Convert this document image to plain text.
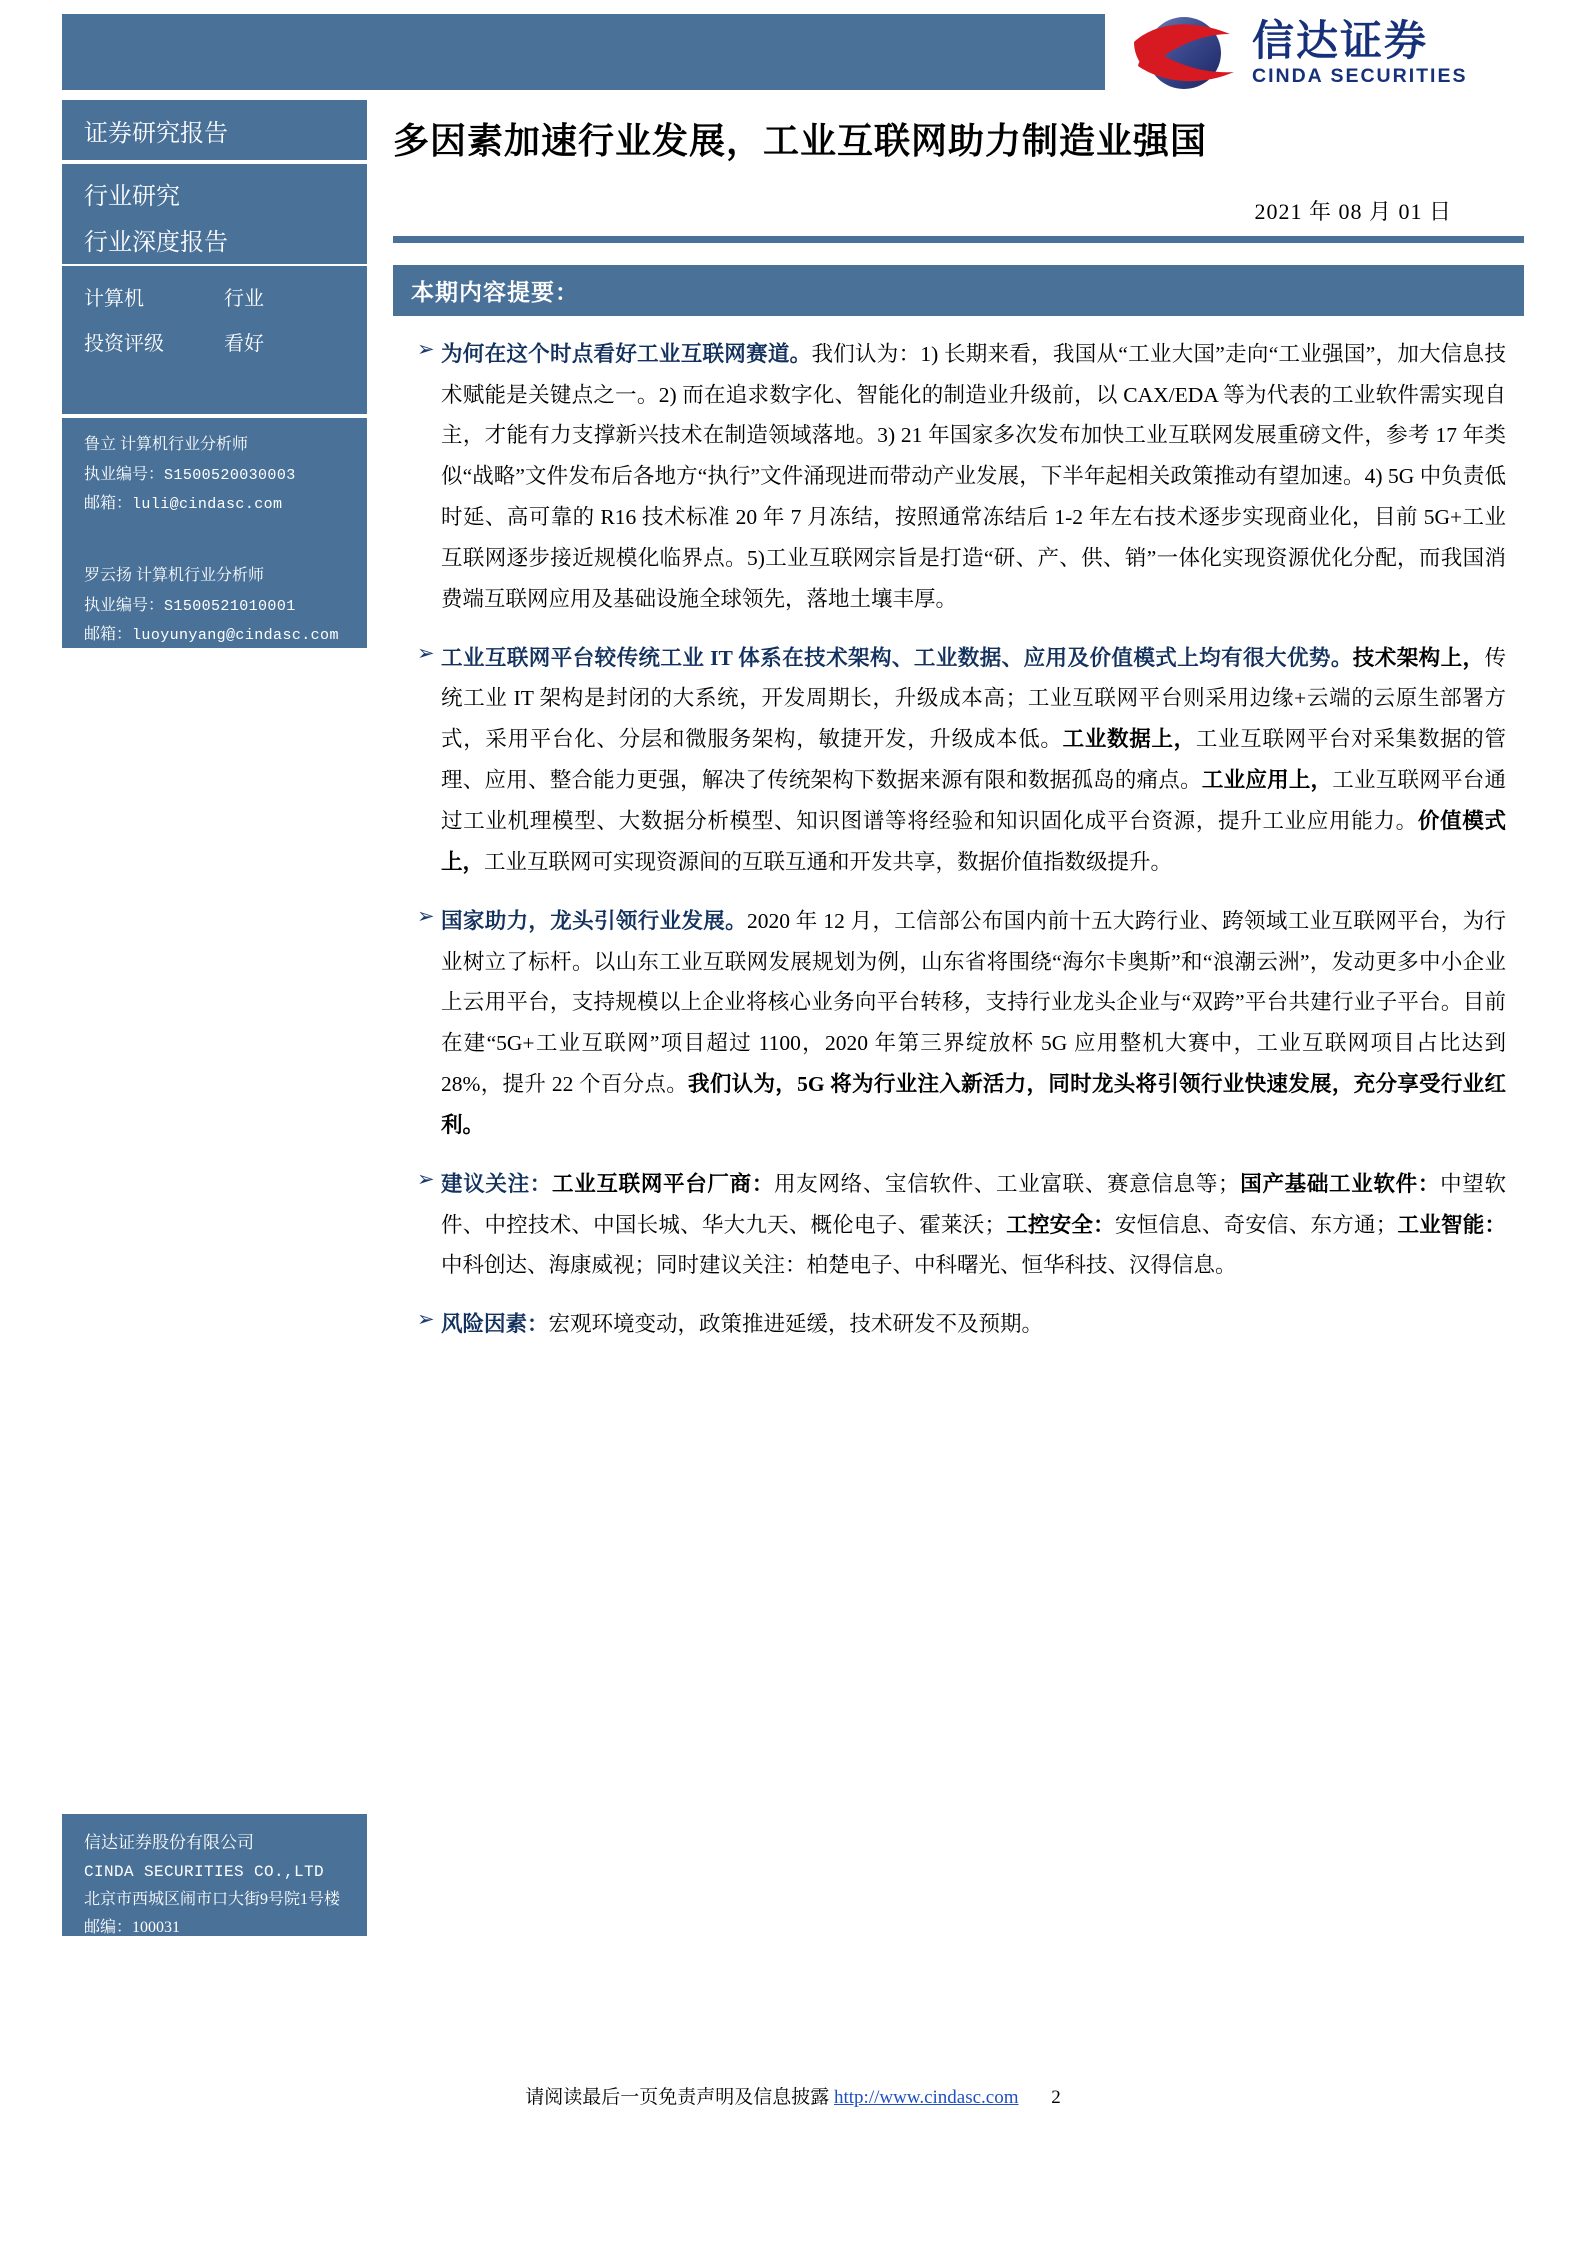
信达证券
CINDA SECURITIES
证券研究报告
行业研究
行业深度报告
计算机	行业
投资评级	看好
鲁立 计算机行业分析师
执业编号：S1500520030003
邮箱：luli@cindasc.com
罗云扬 计算机行业分析师
执业编号：S1500521010001
邮箱：luoyunyang@cindasc.com
信达证券股份有限公司
CINDA SECURITIES CO.,LTD
北京市西城区闹市口大街9号院1号楼
邮编：100031
多因素加速行业发展，工业互联网助力制造业强国
2021 年 08 月 01 日
本期内容提要：
➢ 为何在这个时点看好工业互联网赛道。我们认为：1) 长期来看，我国从“工业大国”走向“工业强国”，加大信息技术赋能是关键点之一。2) 而在追求数字化、智能化的制造业升级前，以 CAX/EDA 等为代表的工业软件需实现自主，才能有力支撑新兴技术在制造领域落地。3) 21 年国家多次发布加快工业互联网发展重磅文件，参考 17 年类似“战略”文件发布后各地方“执行”文件涌现进而带动产业发展，下半年起相关政策推动有望加速。4) 5G 中负责低时延、高可靠的 R16 技术标准 20 年 7 月冻结，按照通常冻结后 1-2 年左右技术逐步实现商业化，目前 5G+工业互联网逐步接近规模化临界点。5)工业互联网宗旨是打造“研、产、供、销”一体化实现资源优化分配，而我国消费端互联网应用及基础设施全球领先，落地土壤丰厚。
➢ 工业互联网平台较传统工业 IT 体系在技术架构、工业数据、应用及价值模式上均有很大优势。技术架构上，传统工业 IT 架构是封闭的大系统，开发周期长，升级成本高；工业互联网平台则采用边缘+云端的云原生部署方式，采用平台化、分层和微服务架构，敏捷开发，升级成本低。工业数据上，工业互联网平台对采集数据的管理、应用、整合能力更强，解决了传统架构下数据来源有限和数据孤岛的痛点。工业应用上，工业互联网平台通过工业机理模型、大数据分析模型、知识图谱等将经验和知识固化成平台资源，提升工业应用能力。价值模式上，工业互联网可实现资源间的互联互通和开发共享，数据价值指数级提升。
➢ 国家助力，龙头引领行业发展。2020 年 12 月，工信部公布国内前十五大跨行业、跨领域工业互联网平台，为行业树立了标杆。以山东工业互联网发展规划为例，山东省将围绕“海尔卡奥斯”和“浪潮云洲”，发动更多中小企业上云用平台，支持规模以上企业将核心业务向平台转移，支持行业龙头企业与“双跨”平台共建行业子平台。目前在建“5G+工业互联网”项目超过 1100，2020 年第三界绽放杯 5G 应用整机大赛中，工业互联网项目占比达到 28%，提升 22 个百分点。我们认为，5G 将为行业注入新活力，同时龙头将引领行业快速发展，充分享受行业红利。
➢ 建议关注：工业互联网平台厂商：用友网络、宝信软件、工业富联、赛意信息等；国产基础工业软件：中望软件、中控技术、中国长城、华大九天、概伦电子、霍莱沃；工控安全：安恒信息、奇安信、东方通；工业智能：中科创达、海康威视；同时建议关注：柏楚电子、中科曙光、恒华科技、汉得信息。
➢ 风险因素：宏观环境变动，政策推进延缓，技术研发不及预期。
请阅读最后一页免责声明及信息披露 http://www.cindasc.com 2
